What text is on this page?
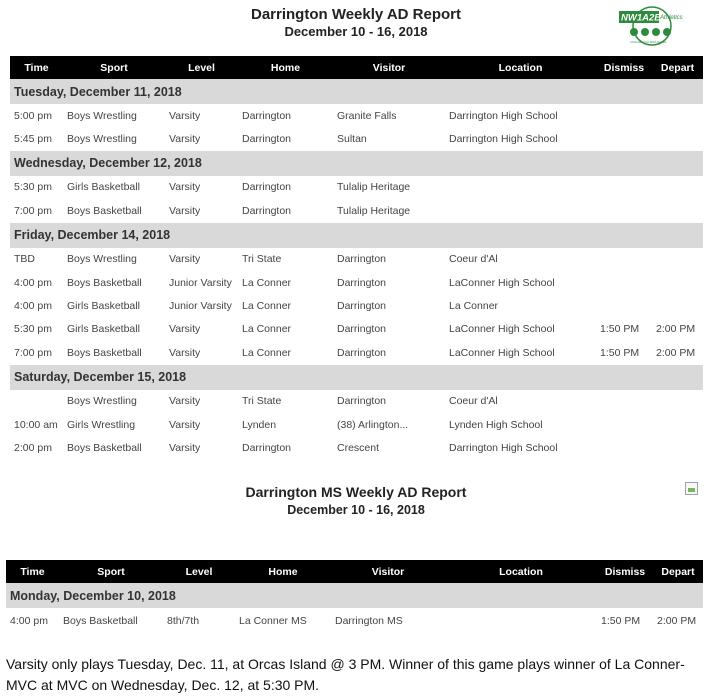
Darrington Weekly AD Report
December 10 - 16, 2018
NW1A2B
Athletics
A Member of the WIAA Network
Time	Sport	Level	Home	Visitor	Location	Dismiss	Depart
Tuesday, December 11, 2018							
5:00 pm	Boys Wrestling	Varsity	Darrington	Granite Falls	Darrington High School		
5:45 pm	Boys Wrestling	Varsity	Darrington	Sultan	Darrington High School		
Wednesday, December 12, 2018							
5:30 pm	Girls Basketball	Varsity	Darrington	Tulalip Heritage			
7:00 pm	Boys Basketball	Varsity	Darrington	Tulalip Heritage			
Friday, December 14, 2018							
TBD	Boys Wrestling	Varsity	Tri State	Darrington	Coeur d'Al		
4:00 pm	Boys Basketball	Junior Varsity	La Conner	Darrington	LaConner High School		
4:00 pm	Girls Basketball	Junior Varsity	La Conner	Darrington	La Conner		
5:30 pm	Girls Basketball	Varsity	La Conner	Darrington	LaConner High School	1:50 PM	2:00 PM
7:00 pm	Boys Basketball	Varsity	La Conner	Darrington	LaConner High School	1:50 PM	2:00 PM
Saturday, December 15, 2018							
	Boys Wrestling	Varsity	Tri State	Darrington	Coeur d'Al		
10:00 am	Girls Wrestling	Varsity	Lynden	(38) Arlington...	Lynden High School		
2:00 pm	Boys Basketball	Varsity	Darrington	Crescent	Darrington High School		
Darrington MS Weekly AD Report
December 10 - 16, 2018
Time	Sport	Level	Home	Visitor	Location	Dismiss	Depart
Monday, December 10, 2018							
4:00 pm	Boys Basketball	8th/7th	La Conner MS	Darrington MS		1:50 PM	2:00 PM
Varsity only plays Tuesday, Dec. 11, at Orcas Island @ 3 PM. Winner of this game plays winner of La Conner-MVC at MVC on Wednesday, Dec. 12, at 5:30 PM.
